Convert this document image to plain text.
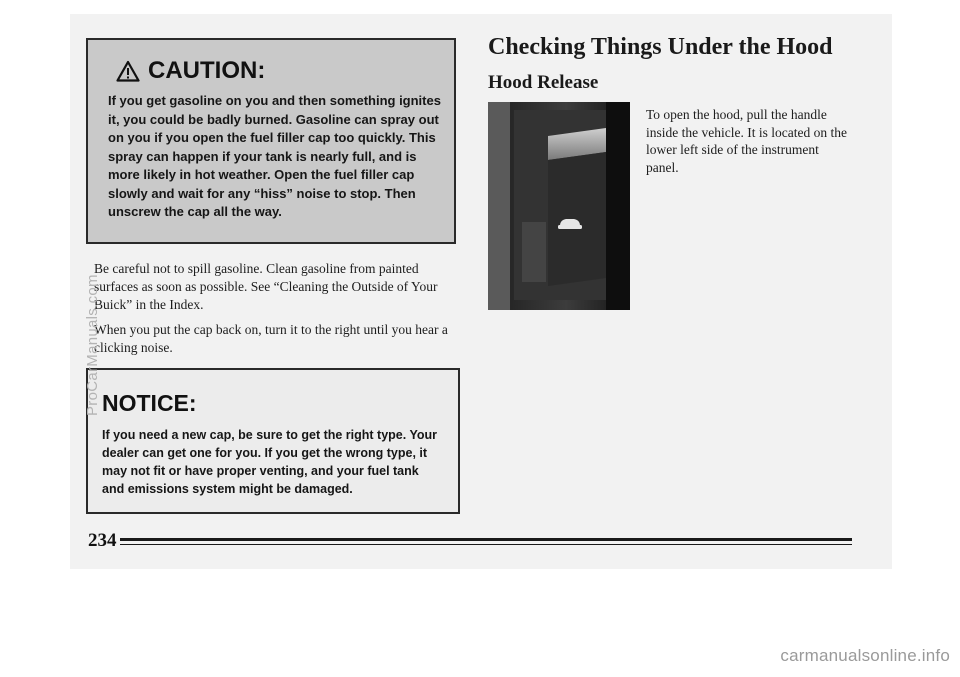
CAUTION:

If you get gasoline on you and then something ignites it, you could be badly burned. Gasoline can spray out on you if you open the fuel filler cap too quickly. This spray can happen if your tank is nearly full, and is more likely in hot weather. Open the fuel filler cap slowly and wait for any “hiss” noise to stop. Then unscrew the cap all the way.

Be careful not to spill gasoline. Clean gasoline from painted surfaces as soon as possible. See “Cleaning the Outside of Your Buick” in the Index.

When you put the cap back on, turn it to the right until you hear a clicking noise.

NOTICE:

If you need a new cap, be sure to get the right type. Your dealer can get one for you. If you get the wrong type, it may not fit or have proper venting, and your fuel tank and emissions system might be damaged.

Checking Things Under the Hood
Hood Release

To open the hood, pull the handle inside the vehicle. It is located on the lower left side of the instrument panel.

234
ProCarManuals.com
carmanualsonline.info
